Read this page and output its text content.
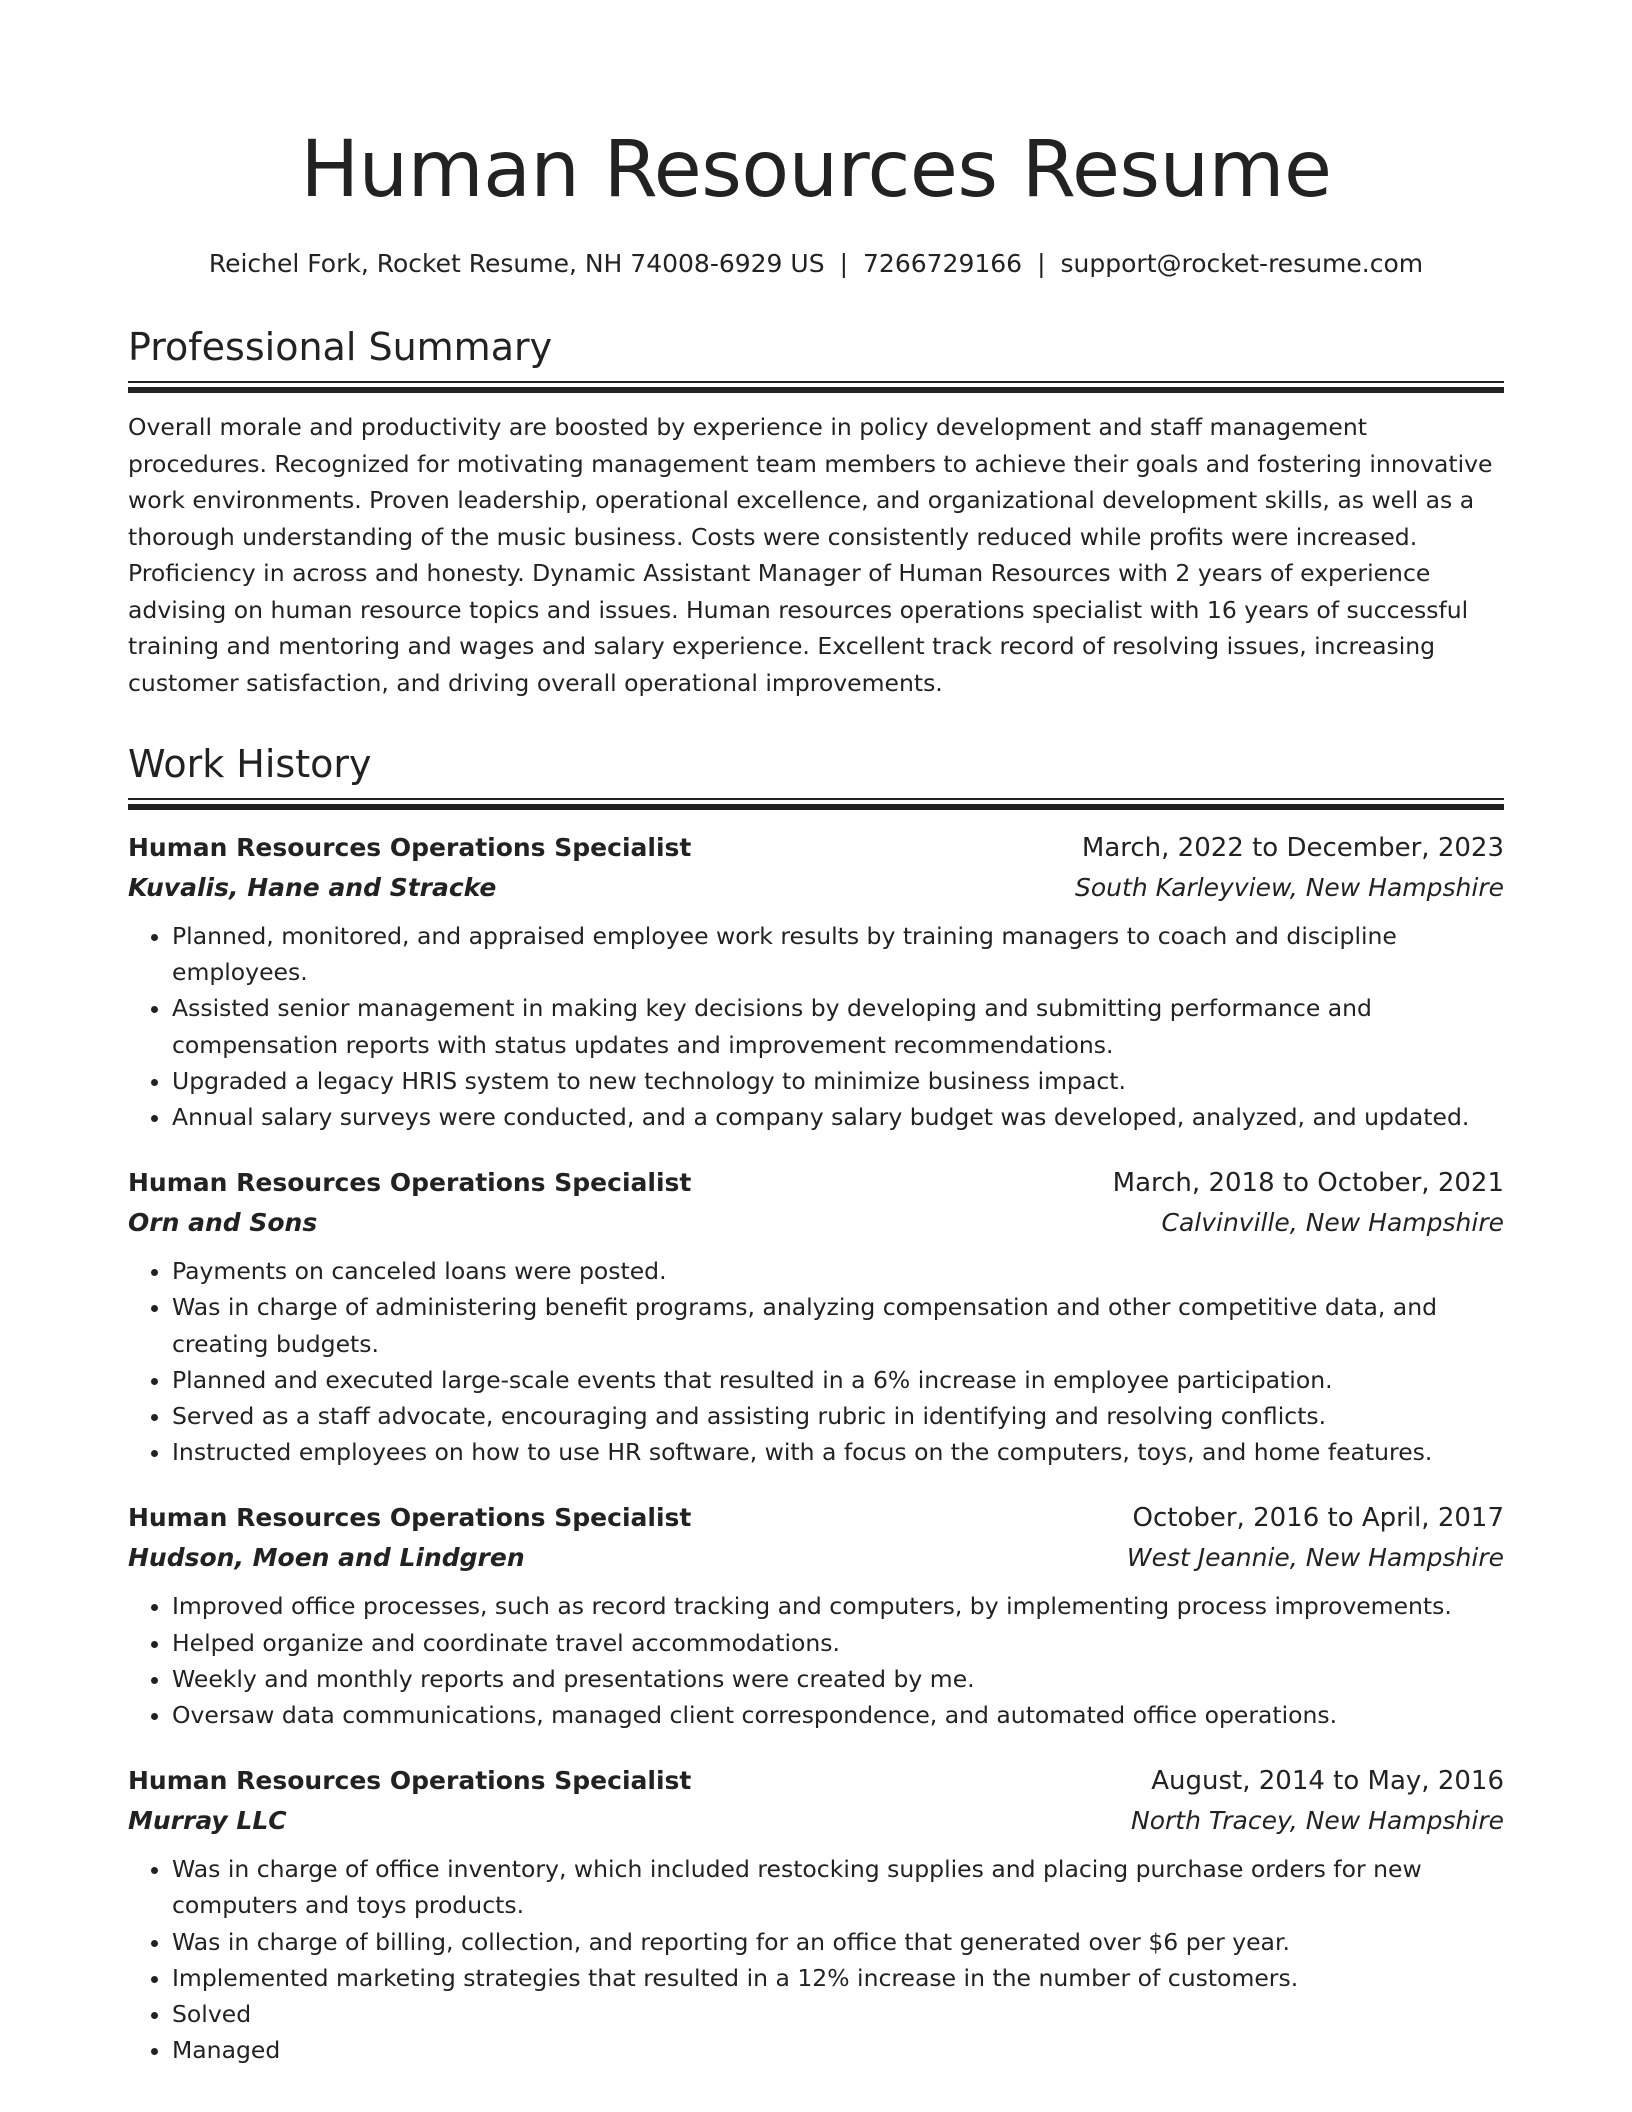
Human Resources Resume
Reichel Fork, Rocket Resume, NH 74008-6929 US | 7266729166 | support@rocket-resume.com
Professional Summary
Overall morale and productivity are boosted by experience in policy development and staff management procedures. Recognized for motivating management team members to achieve their goals and fostering innovative work environments. Proven leadership, operational excellence, and organizational development skills, as well as a thorough understanding of the music business. Costs were consistently reduced while profits were increased. Proficiency in across and honesty. Dynamic Assistant Manager of Human Resources with 2 years of experience advising on human resource topics and issues. Human resources operations specialist with 16 years of successful training and mentoring and wages and salary experience. Excellent track record of resolving issues, increasing customer satisfaction, and driving overall operational improvements.
Work History
Human Resources Operations Specialist	March, 2022 to December, 2023
Kuvalis, Hane and Stracke	South Karleyview, New Hampshire
• Planned, monitored, and appraised employee work results by training managers to coach and discipline employees.
• Assisted senior management in making key decisions by developing and submitting performance and compensation reports with status updates and improvement recommendations.
• Upgraded a legacy HRIS system to new technology to minimize business impact.
• Annual salary surveys were conducted, and a company salary budget was developed, analyzed, and updated.
Human Resources Operations Specialist	March, 2018 to October, 2021
Orn and Sons	Calvinville, New Hampshire
• Payments on canceled loans were posted.
• Was in charge of administering benefit programs, analyzing compensation and other competitive data, and creating budgets.
• Planned and executed large-scale events that resulted in a 6% increase in employee participation.
• Served as a staff advocate, encouraging and assisting rubric in identifying and resolving conflicts.
• Instructed employees on how to use HR software, with a focus on the computers, toys, and home features.
Human Resources Operations Specialist	October, 2016 to April, 2017
Hudson, Moen and Lindgren	West Jeannie, New Hampshire
• Improved office processes, such as record tracking and computers, by implementing process improvements.
• Helped organize and coordinate travel accommodations.
• Weekly and monthly reports and presentations were created by me.
• Oversaw data communications, managed client correspondence, and automated office operations.
Human Resources Operations Specialist	August, 2014 to May, 2016
Murray LLC	North Tracey, New Hampshire
• Was in charge of office inventory, which included restocking supplies and placing purchase orders for new computers and toys products.
• Was in charge of billing, collection, and reporting for an office that generated over $6 per year.
• Implemented marketing strategies that resulted in a 12% increase in the number of customers.
• Solved
• Managed
